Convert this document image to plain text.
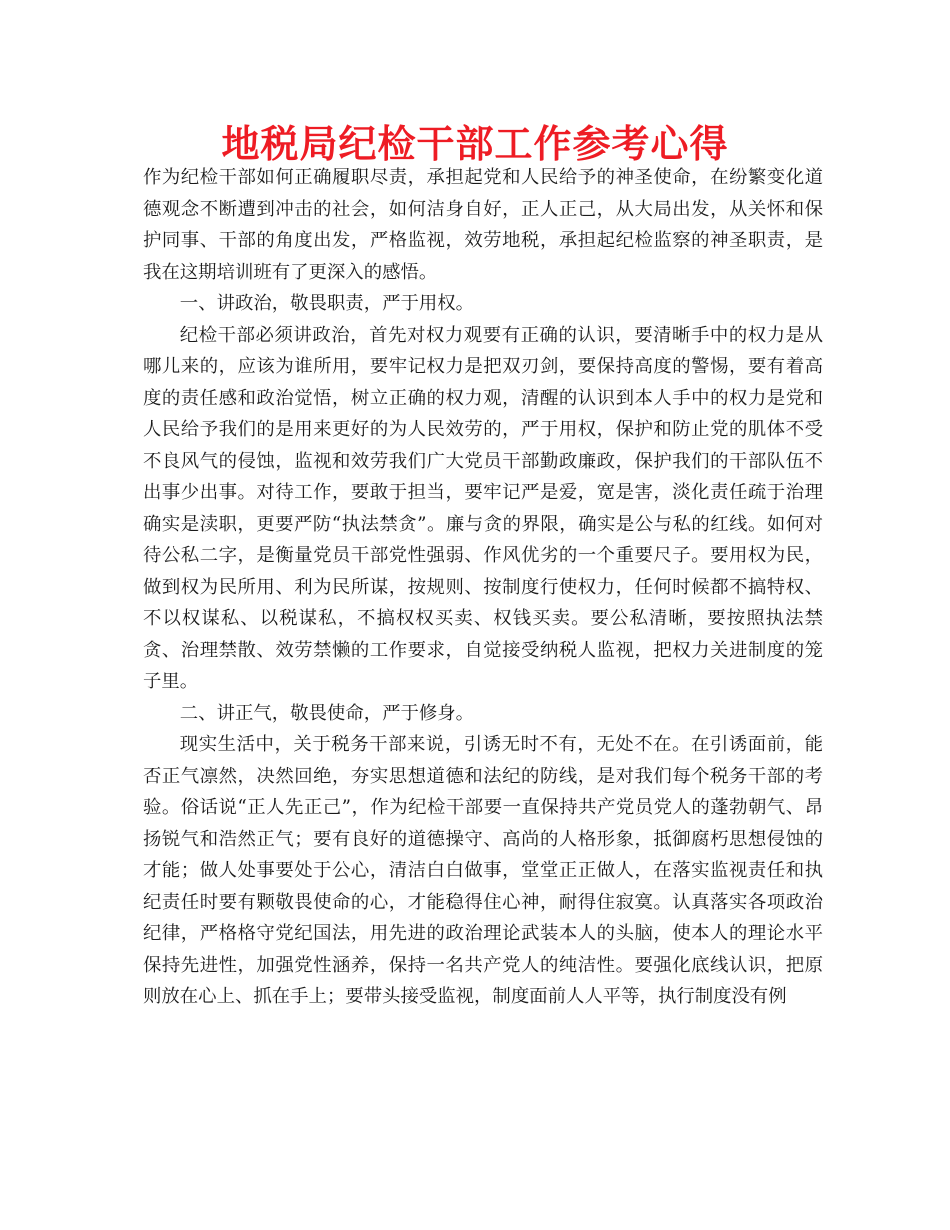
地税局纪检干部工作参考心得

作为纪检干部如何正确履职尽责，承担起党和人民给予的神圣使命，在纷繁变化道德观念不断遭到冲击的社会，如何洁身自好，正人正己，从大局出发，从关怀和保护同事、干部的角度出发，严格监视，效劳地税，承担起纪检监察的神圣职责，是我在这期培训班有了更深入的感悟。

一、讲政治，敬畏职责，严于用权。

纪检干部必须讲政治，首先对权力观要有正确的认识，要清晰手中的权力是从哪儿来的，应该为谁所用，要牢记权力是把双刃剑，要保持高度的警惕，要有着高度的责任感和政治觉悟，树立正确的权力观，清醒的认识到本人手中的权力是党和人民给予我们的是用来更好的为人民效劳的，严于用权，保护和防止党的肌体不受不良风气的侵蚀，监视和效劳我们广大党员干部勤政廉政，保护我们的干部队伍不出事少出事。对待工作，要敢于担当，要牢记严是爱，宽是害，淡化责任疏于治理确实是渎职，更要严防“执法禁贪”。廉与贪的界限，确实是公与私的红线。如何对待公私二字，是衡量党员干部党性强弱、作风优劣的一个重要尺子。要用权为民，做到权为民所用、利为民所谋，按规则、按制度行使权力，任何时候都不搞特权、不以权谋私、以税谋私，不搞权权买卖、权钱买卖。要公私清晰，要按照执法禁贪、治理禁散、效劳禁懒的工作要求，自觉接受纳税人监视，把权力关进制度的笼子里。

二、讲正气，敬畏使命，严于修身。

现实生活中，关于税务干部来说，引诱无时不有，无处不在。在引诱面前，能否正气凛然，决然回绝，夯实思想道德和法纪的防线，是对我们每个税务干部的考验。俗话说“正人先正己”，作为纪检干部要一直保持共产党员党人的蓬勃朝气、昂扬锐气和浩然正气；要有良好的道德操守、高尚的人格形象，抵御腐朽思想侵蚀的才能；做人处事要处于公心，清洁白白做事，堂堂正正做人，在落实监视责任和执纪责任时要有颗敬畏使命的心，才能稳得住心神，耐得住寂寞。认真落实各项政治纪律，严格格守党纪国法，用先进的政治理论武装本人的头脑，使本人的理论水平保持先进性，加强党性涵养，保持一名共产党人的纯洁性。要强化底线认识，把原则放在心上、抓在手上；要带头接受监视，制度面前人人平等，执行制度没有例
